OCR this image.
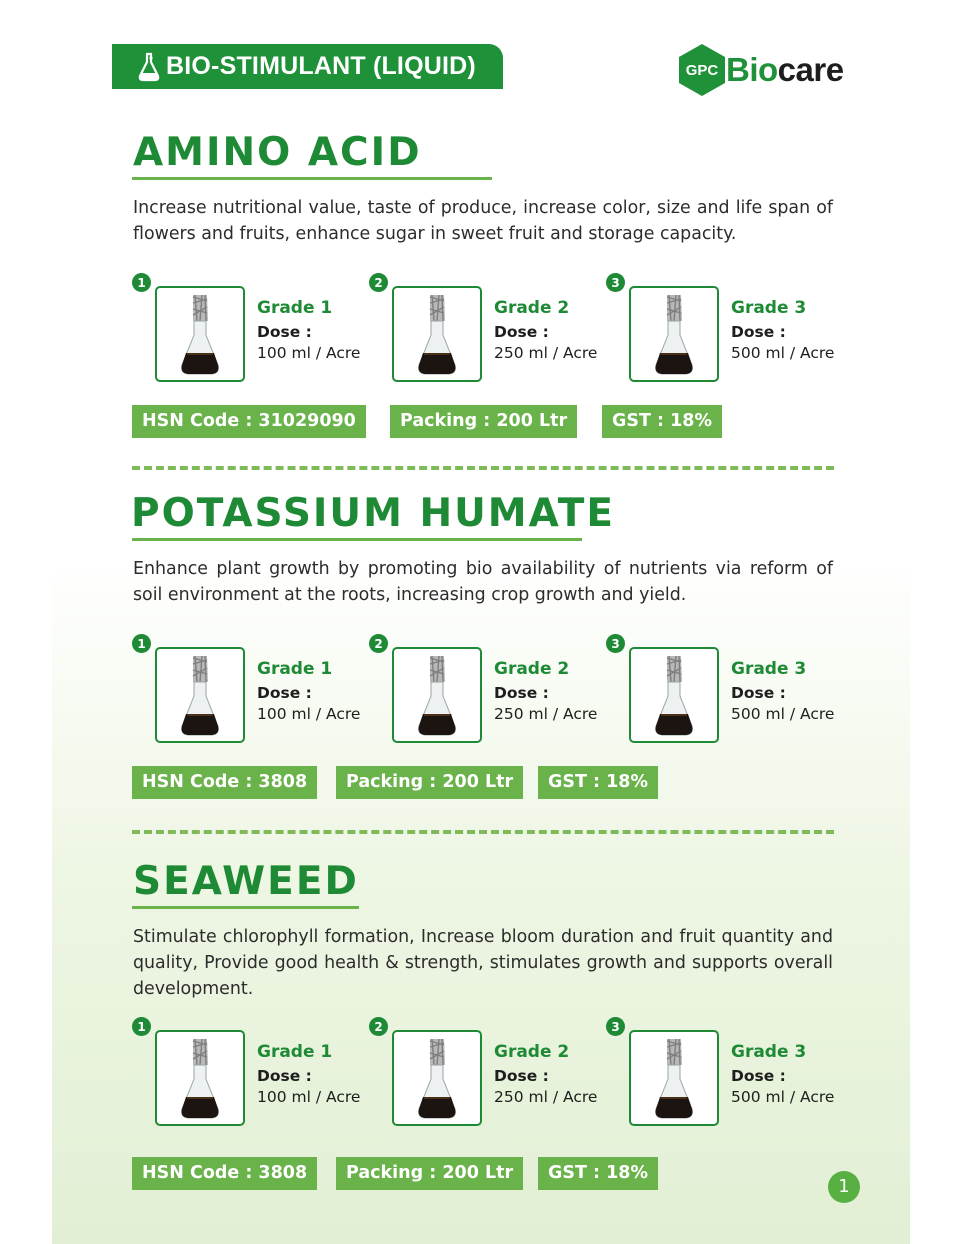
BIO-STIMULANT (LIQUID)	GPC Biocare
AMINO ACID

Increase nutritional value, taste of produce, increase color, size and life span of flowers and fruits, enhance sugar in sweet fruit and storage capacity.

1
Grade 1
Dose :
100 ml / Acre
2
Grade 2
Dose :
250 ml / Acre
3
Grade 3
Dose :
500 ml / Acre
HSN Code : 31029090	Packing : 200 Ltr	GST : 18%
POTASSIUM HUMATE

Enhance plant growth by promoting bio availability of nutrients via reform of soil environment at the roots, increasing crop growth and yield.

1
Grade 1
Dose :
100 ml / Acre
2
Grade 2
Dose :
250 ml / Acre
3
Grade 3
Dose :
500 ml / Acre
HSN Code : 3808	Packing : 200 Ltr	GST : 18%
SEAWEED

Stimulate chlorophyll formation, Increase bloom duration and fruit quantity and quality, Provide good health & strength, stimulates growth and supports overall development.

1
Grade 1
Dose :
100 ml / Acre
2
Grade 2
Dose :
250 ml / Acre
3
Grade 3
Dose :
500 ml / Acre
HSN Code : 3808	Packing : 200 Ltr	GST : 18%
1
